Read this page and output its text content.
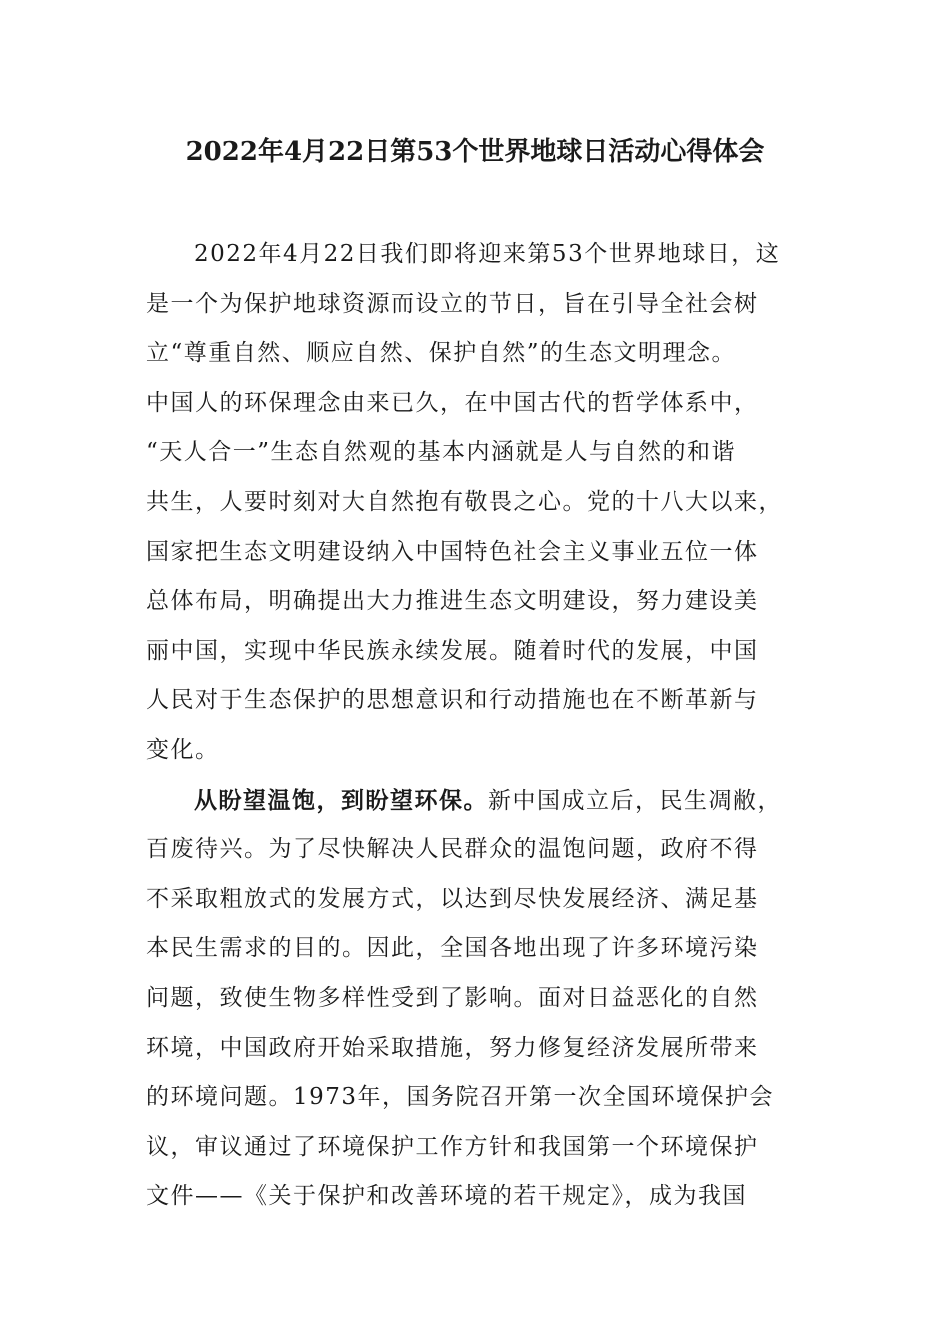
2022年4月22日第53个世界地球日活动心得体会
2022年4月22日我们即将迎来第53个世界地球日，这
是一个为保护地球资源而设立的节日，旨在引导全社会树
立“尊重自然、顺应自然、保护自然”的生态文明理念。
中国人的环保理念由来已久，在中国古代的哲学体系中，
“天人合一”生态自然观的基本内涵就是人与自然的和谐
共生，人要时刻对大自然抱有敬畏之心。党的十八大以来，
国家把生态文明建设纳入中国特色社会主义事业五位一体
总体布局，明确提出大力推进生态文明建设，努力建设美
丽中国，实现中华民族永续发展。随着时代的发展，中国
人民对于生态保护的思想意识和行动措施也在不断革新与
变化。
从盼望温饱，到盼望环保。新中国成立后，民生凋敝，
百废待兴。为了尽快解决人民群众的温饱问题，政府不得
不采取粗放式的发展方式，以达到尽快发展经济、满足基
本民生需求的目的。因此，全国各地出现了许多环境污染
问题，致使生物多样性受到了影响。面对日益恶化的自然
环境，中国政府开始采取措施，努力修复经济发展所带来
的环境问题。1973年，国务院召开第一次全国环境保护会
议，审议通过了环境保护工作方针和我国第一个环境保护
文件——《关于保护和改善环境的若干规定》，成为我国
